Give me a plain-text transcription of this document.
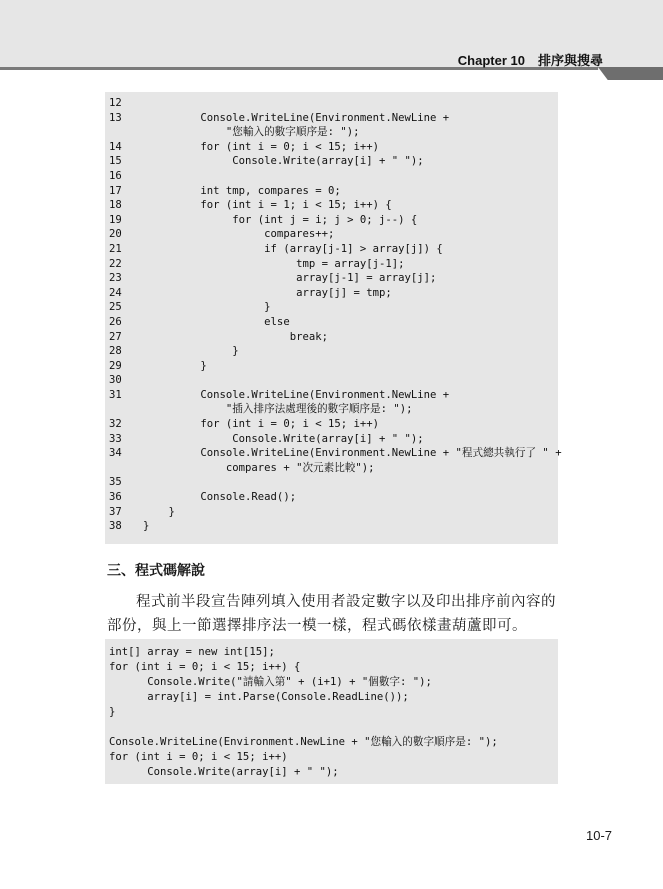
Chapter 10　排序與搜尋
12
13	Console.WriteLine(Environment.NewLine +
"您輸入的數字順序是: ");
14	for (int i = 0; i < 15; i++)
15	Console.Write(array[i] + " ");
16
17	int tmp, compares = 0;
18	for (int i = 1; i < 15; i++) {
19	for (int j = i; j > 0; j--) {
20	compares++;
21	if (array[j-1] > array[j]) {
22	tmp = array[j-1];
23	array[j-1] = array[j];
24	array[j] = tmp;
25	}
26	else
27	break;
28	}
29	}
30
31	Console.WriteLine(Environment.NewLine +
"插入排序法處理後的數字順序是: ");
32	for (int i = 0; i < 15; i++)
33	Console.Write(array[i] + " ");
34	Console.WriteLine(Environment.NewLine + "程式總共執行了 " +
compares + "次元素比較");
35
36	Console.Read();
37	}
38	}
三、程式碼解說
程式前半段宣告陣列填入使用者設定數字以及印出排序前內容的部份，與上一節選擇排序法一模一樣，程式碼依樣畫葫蘆即可。
int[] array = new int[15];
for (int i = 0; i < 15; i++) {
Console.Write("請輸入第" + (i+1) + "個數字: ");
array[i] = int.Parse(Console.ReadLine());
}
Console.WriteLine(Environment.NewLine + "您輸入的數字順序是: ");
for (int i = 0; i < 15; i++)
Console.Write(array[i] + " ");
10-7
